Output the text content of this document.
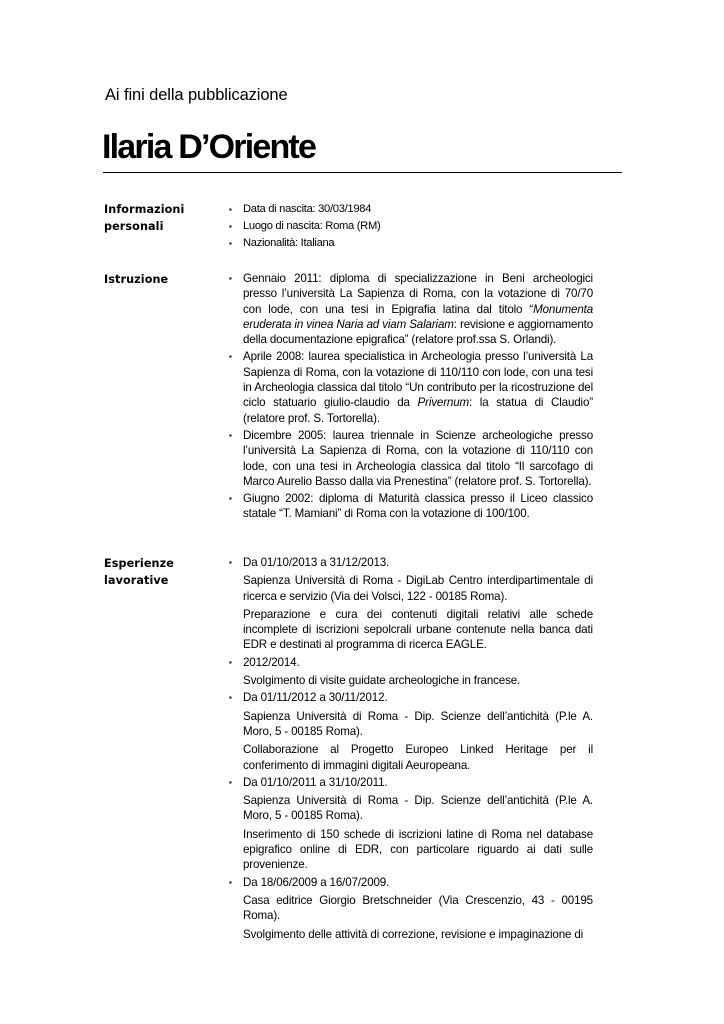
Ai fini della pubblicazione
Ilaria D’Oriente
Informazioni
personali
▪ Data di nascita: 30/03/1984

▪ Luogo di nascita: Roma (RM)

▪ Nazionalità: Italiana

Istruzione	▪ Gennaio 2011: diploma di specializzazione in Beni archeologici presso l’università La Sapienza di Roma, con la votazione di 70/70 con lode, con una tesi in Epigrafia latina dal titolo “Monumenta eruderata in vinea Naria ad viam Salariam: revisione e aggiornamento della documentazione epigrafica” (relatore prof.ssa S. Orlandi).

▪ Aprile 2008: laurea specialistica in Archeologia presso l’università La Sapienza di Roma, con la votazione di 110/110 con lode, con una tesi in Archeologia classica dal titolo “Un contributo per la ricostruzione del ciclo statuario giulio-claudio da Privernum: la statua di Claudio” (relatore prof. S. Tortorella).

▪ Dicembre 2005: laurea triennale in Scienze archeologiche presso l’università La Sapienza di Roma, con la votazione di 110/110 con lode, con una tesi in Archeologia classica dal titolo “Il sarcofago di Marco Aurelio Basso dalla via Prenestina” (relatore prof. S. Tortorella).

▪ Giugno 2002: diploma di Maturità classica presso il Liceo classico statale “T. Mamiani” di Roma con la votazione di 100/100.

Esperienze
lavorative
▪ Da 01/10/2013 a 31/12/2013.

Sapienza Università di Roma - DigiLab Centro interdipartimentale di ricerca e servizio (Via dei Volsci, 122 - 00185 Roma).

Preparazione e cura dei contenuti digitali relativi alle schede incomplete di iscrizioni sepolcrali urbane contenute nella banca dati EDR e destinati al programma di ricerca EAGLE.

▪ 2012/2014.

Svolgimento di visite guidate archeologiche in francese.

▪ Da 01/11/2012 a 30/11/2012.

Sapienza Università di Roma - Dip. Scienze dell’antichità (P.le A. Moro, 5 - 00185 Roma).

Collaborazione al Progetto Europeo Linked Heritage per il conferimento di immagini digitali Aeuropeana.

▪ Da 01/10/2011 a 31/10/2011.

Sapienza Università di Roma - Dip. Scienze dell’antichità (P.le A. Moro, 5 - 00185 Roma).

Inserimento di 150 schede di iscrizioni latine di Roma nel database epigrafico online di EDR, con particolare riguardo ai dati sulle provenienze.

▪ Da 18/06/2009 a 16/07/2009.

Casa editrice Giorgio Bretschneider (Via Crescenzio, 43 - 00195 Roma).

Svolgimento delle attività di correzione, revisione e impaginazione di
